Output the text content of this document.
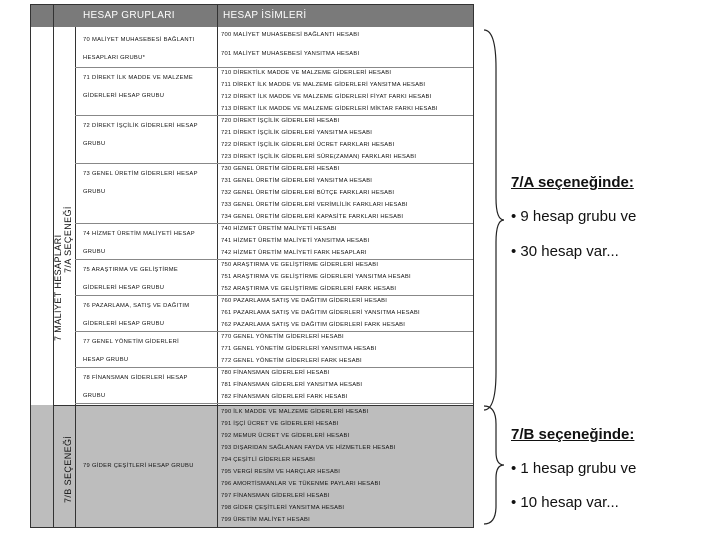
HESAP GRUPLARI	HESAP İSİMLERİ
7 MALİYET HESAPLARI 7/A SEÇENEĞİ
7/B SEÇENEĞİ
70 MALİYET MUHASEBESİ BAĞLANTI
HESAPLARI GRUBU*
71 DİREKT İLK MADDE VE MALZEME
GİDERLERİ HESAP GRUBU
72 DİREKT İŞÇİLİK GİDERLERİ HESAP
GRUBU
73 GENEL ÜRETİM GİDERLERİ HESAP
GRUBU
74 HİZMET ÜRETİM MALİYETİ HESAP
GRUBU
75 ARAŞTIRMA VE GELİŞTİRME
GİDERLERİ HESAP GRUBU
76 PAZARLAMA, SATIŞ VE DAĞITIM
GİDERLERİ HESAP GRUBU
77 GENEL YÖNETİM GİDERLERİ
HESAP GRUBU
78 FİNANSMAN GİDERLERİ HESAP
GRUBU
79 GİDER ÇEŞİTLERİ HESAP GRUBU
700 MALİYET MUHASEBESİ BAĞLANTI HESABI
701 MALİYET MUHASEBESİ YANSITMA HESABI
710 DİREKTİLK MADDE VE MALZEME GİDERLERİ HESABI
711 DİREKT İLK MADDE VE MALZEME GİDERLERİ YANSITMA HESABI
712 DİREKT İLK MADDE VE MALZEME GİDERLERİ FİYAT FARKI HESABI
713 DİREKT İLK MADDE VE MALZEME GİDERLERİ MİKTAR FARKI HESABI
720 DİREKT İŞÇİLİK GİDERLERİ HESABI
721 DİREKT İŞÇİLİK GİDERLERİ YANSITMA HESABI
722 DİREKT İŞÇİLİK GİDERLERİ ÜCRET FARKLARI HESABI
723 DİREKT İŞÇİLİK GİDERLERİ SÜRE(ZAMAN) FARKLARI HESABI
730 GENEL ÜRETİM GİDERLERİ HESABI
731 GENEL ÜRETİM GİDERLERİ YANSITMA HESABI
732 GENEL ÜRETİM GİDERLERİ BÜTÇE FARKLARI HESABI
733 GENEL ÜRETİM GİDERLERİ VERİMLİLİK FARKLARI HESABI
734 GENEL ÜRETİM GİDERLERİ KAPASİTE FARKLARI HESABI
740 HİZMET ÜRETİM MALİYETİ HESABI
741 HİZMET ÜRETİM MALİYETİ YANSITMA HESABI
742 HİZMET ÜRETİM MALİYETİ FARK HESAPLARI
750 ARAŞTIRMA VE GELİŞTİRME GİDERLERİ HESABI
751 ARAŞTIRMA VE GELİŞTİRME GİDERLERİ YANSITMA HESABI
752 ARAŞTIRMA VE GELİŞTİRME GİDERLERİ FARK HESABI
760 PAZARLAMA SATIŞ VE DAĞITIM GİDERLERİ HESABI
761 PAZARLAMA SATIŞ VE DAĞITIM GİDERLERİ YANSITMA HESABI
762 PAZARLAMA SATIŞ VE DAĞITIM GİDERLERİ FARK HESABI
770 GENEL YÖNETİM GİDERLERİ HESABI
771 GENEL YÖNETİM GİDERLERİ YANSITMA HESABI
772 GENEL YÖNETİM GİDERLERİ FARK HESABI
780 FİNANSMAN GİDERLERİ HESABI
781 FİNANSMAN GİDERLERİ YANSITMA HESABI
782 FİNANSMAN GİDERLERİ FARK HESABI
790 İLK MADDE VE MALZEME GİDERLERİ HESABI
791 İŞÇİ ÜCRET VE GİDERLERİ HESABI
792 MEMUR ÜCRET VE GİDERLERİ HESABI
793 DIŞARIDAN SAĞLANAN FAYDA VE HİZMETLER HESABI
794 ÇEŞİTLİ GİDERLER HESABI
795 VERGİ RESİM VE HARÇLAR HESABI
796 AMORTİSMANLAR VE TÜKENME PAYLARI HESABI
797 FİNANSMAN GİDERLERİ HESABI
798 GİDER ÇEŞİTLERİ YANSITMA HESABI
799 ÜRETİM MALİYET HESABI
7/A seçeneğinde:
• 9 hesap grubu ve
• 30 hesap var...
7/B seçeneğinde:
• 1 hesap grubu ve
• 10 hesap var...
